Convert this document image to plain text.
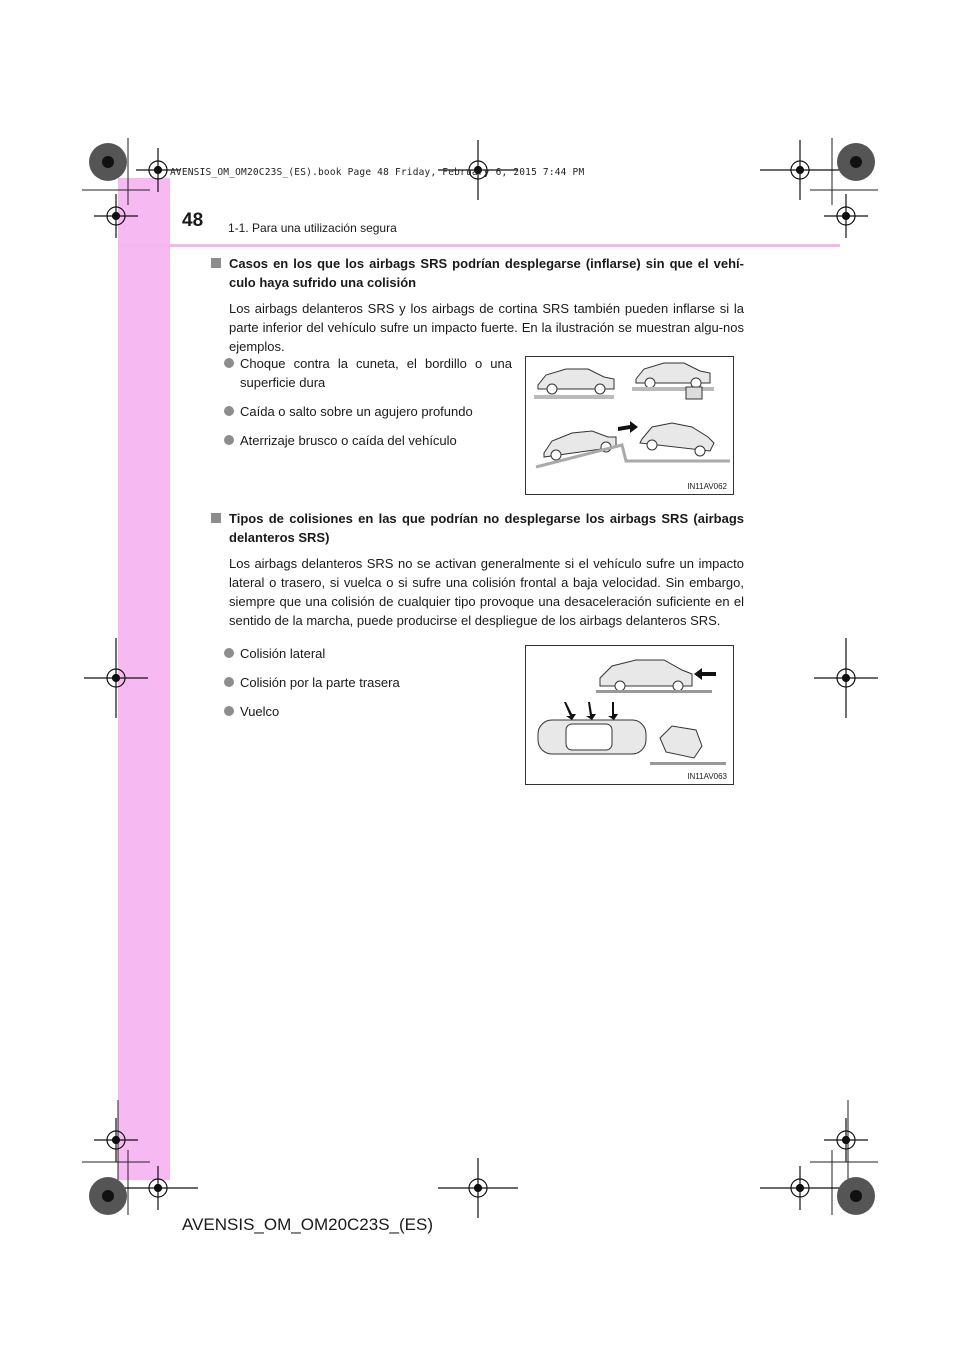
48 1-1. Para una utilización segura
AVENSIS_OM_OM20C23S_(ES).book Page 48 Friday, February 6, 2015 7:44 PM
Casos en los que los airbags SRS podrían desplegarse (inflarse) sin que el vehí-culo haya sufrido una colisión
Los airbags delanteros SRS y los airbags de cortina SRS también pueden inflarse si la parte inferior del vehículo sufre un impacto fuerte. En la ilustración se muestran algu-nos ejemplos.
Choque contra la cuneta, el bordillo o una superficie dura
Caída o salto sobre un agujero profundo
Aterrizaje brusco o caída del vehículo
IN11AV062
Tipos de colisiones en las que podrían no desplegarse los airbags SRS (airbags delanteros SRS)
Los airbags delanteros SRS no se activan generalmente si el vehículo sufre un impacto lateral o trasero, si vuelca o si sufre una colisión frontal a baja velocidad. Sin embargo, siempre que una colisión de cualquier tipo provoque una desaceleración suficiente en el sentido de la marcha, puede producirse el despliegue de los airbags delanteros SRS.
Colisión lateral
Colisión por la parte trasera
Vuelco
IN11AV063
AVENSIS_OM_OM20C23S_(ES)
